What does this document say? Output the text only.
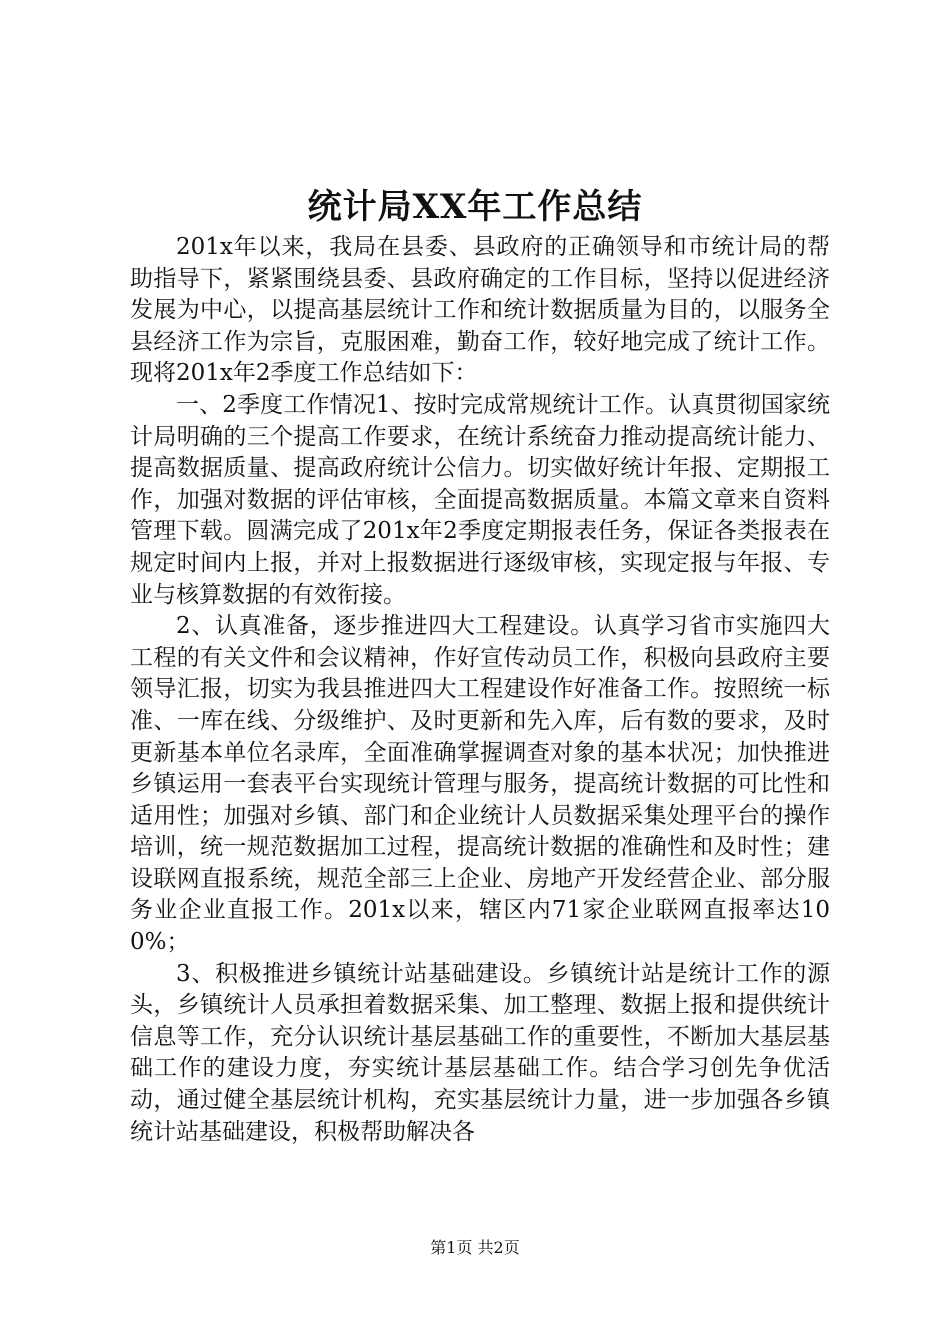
统计局XX年工作总结

201x年以来，我局在县委、县政府的正确领导和市统计局的帮助指导下，紧紧围绕县委、县政府确定的工作目标，坚持以促进经济发展为中心，以提高基层统计工作和统计数据质量为目的，以服务全县经济工作为宗旨，克服困难，勤奋工作，较好地完成了统计工作。现将201x年2季度工作总结如下：

一、2季度工作情况1、按时完成常规统计工作。认真贯彻国家统计局明确的三个提高工作要求，在统计系统奋力推动提高统计能力、提高数据质量、提高政府统计公信力。切实做好统计年报、定期报工作，加强对数据的评估审核，全面提高数据质量。本篇文章来自资料管理下载。圆满完成了201x年2季度定期报表任务，保证各类报表在规定时间内上报，并对上报数据进行逐级审核，实现定报与年报、专业与核算数据的有效衔接。

2、认真准备，逐步推进四大工程建设。认真学习省市实施四大工程的有关文件和会议精神，作好宣传动员工作，积极向县政府主要领导汇报，切实为我县推进四大工程建设作好准备工作。按照统一标准、一库在线、分级维护、及时更新和先入库，后有数的要求，及时更新基本单位名录库，全面准确掌握调查对象的基本状况；加快推进乡镇运用一套表平台实现统计管理与服务，提高统计数据的可比性和适用性；加强对乡镇、部门和企业统计人员数据采集处理平台的操作培训，统一规范数据加工过程，提高统计数据的准确性和及时性；建设联网直报系统，规范全部三上企业、房地产开发经营企业、部分服务业企业直报工作。201x以来，辖区内71家企业联网直报率达100%；

3、积极推进乡镇统计站基础建设。乡镇统计站是统计工作的源头，乡镇统计人员承担着数据采集、加工整理、数据上报和提供统计信息等工作，充分认识统计基层基础工作的重要性，不断加大基层基础工作的建设力度，夯实统计基层基础工作。结合学习创先争优活动，通过健全基层统计机构，充实基层统计力量，进一步加强各乡镇统计站基础建设，积极帮助解决各

第1页 共2页
